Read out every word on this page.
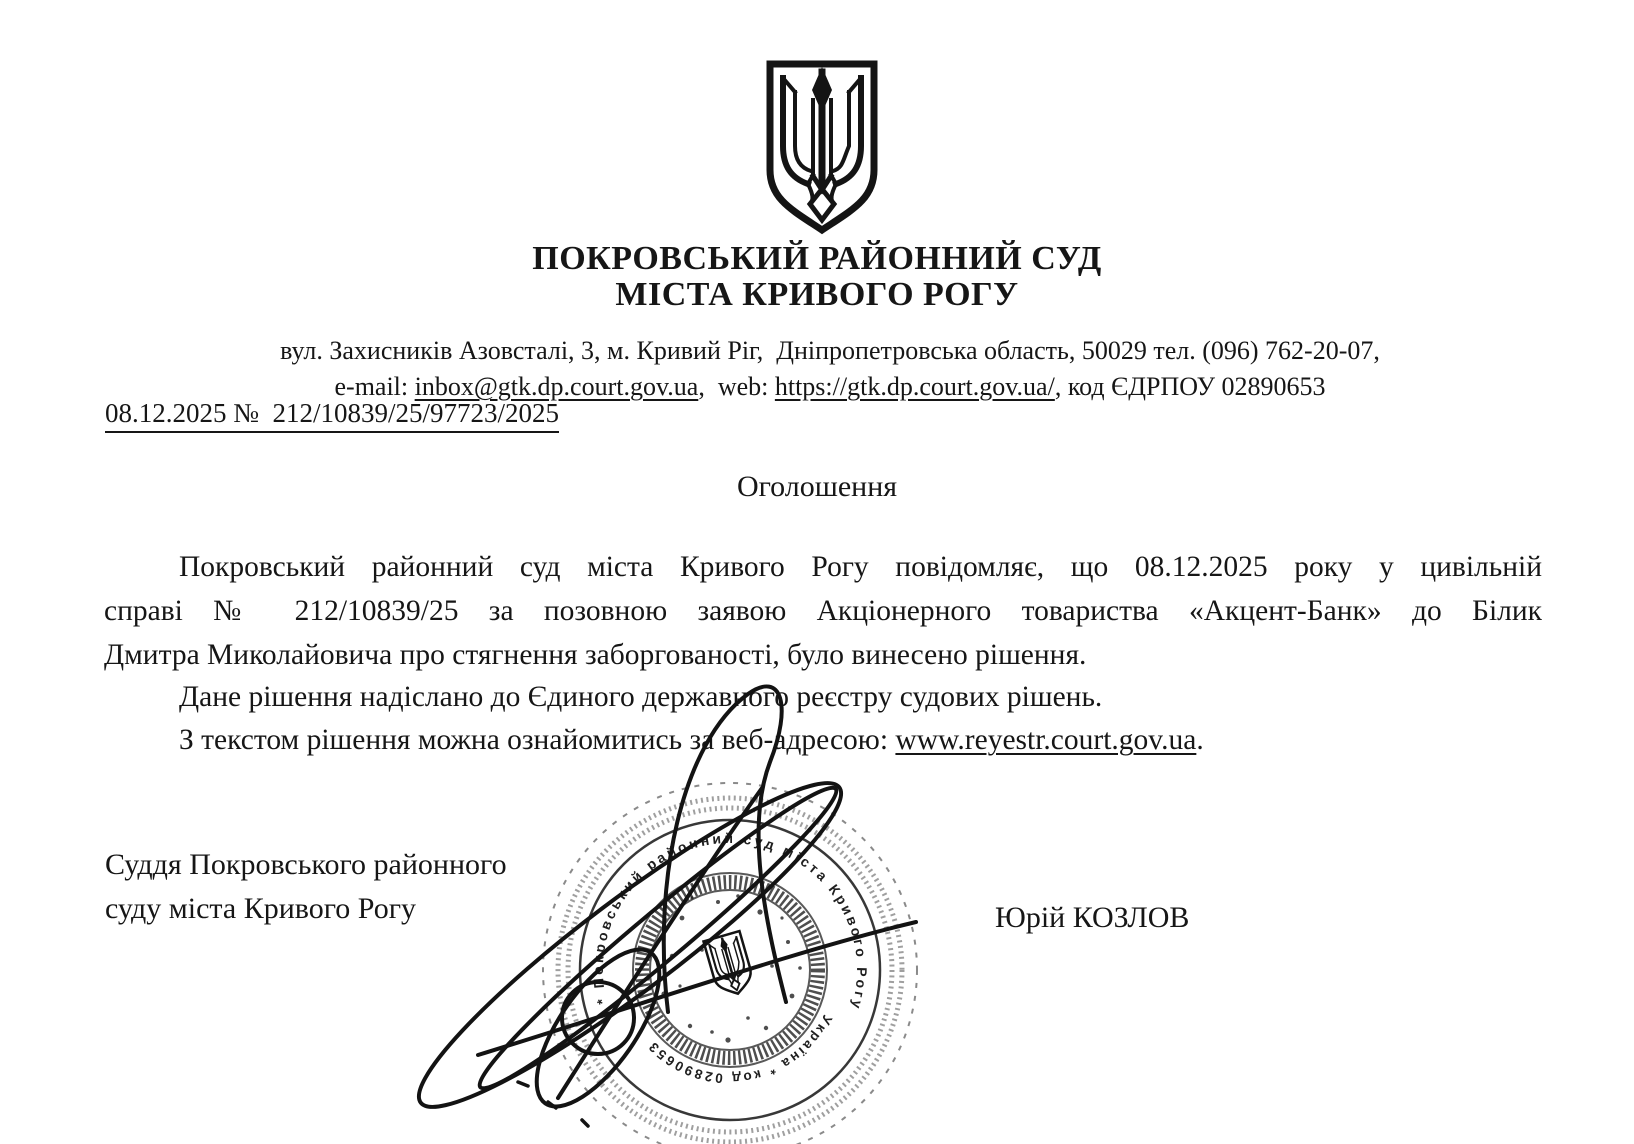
ПОКРОВСЬКИЙ РАЙОННИЙ СУД
МІСТА КРИВОГО РОГУ

вул. Захисників Азовсталі, 3, м. Кривий Ріг,  Дніпропетровська область, 50029 тел. (096) 762-20-07,

e-mail: inbox@gtk.dp.court.gov.ua,  web: https://gtk.dp.court.gov.ua/, код ЄДРПОУ 02890653

08.12.2025 №  212/10839/25/97723/2025
Оголошення
Покровський районний суд міста Кривого Рогу повідомляє, що 08.12.2025 року у цивільній
справі № 212/10839/25 за позовною заявою Акціонерного товариства «Акцент-Банк» до Білик
Дмитра Миколайовича про стягнення заборгованості, було винесено рішення.
Дане рішення надіслано до Єдиного державного реєстру судових рішень.
З текстом рішення можна ознайомитись за веб-адресою: www.reyestr.court.gov.ua.
Суддя Покровського районного
суду міста Кривого Рогу	Юрій КОЗЛОВ
* Покровський районний суд міста Кривого Рогу
Україна * код 02890653
